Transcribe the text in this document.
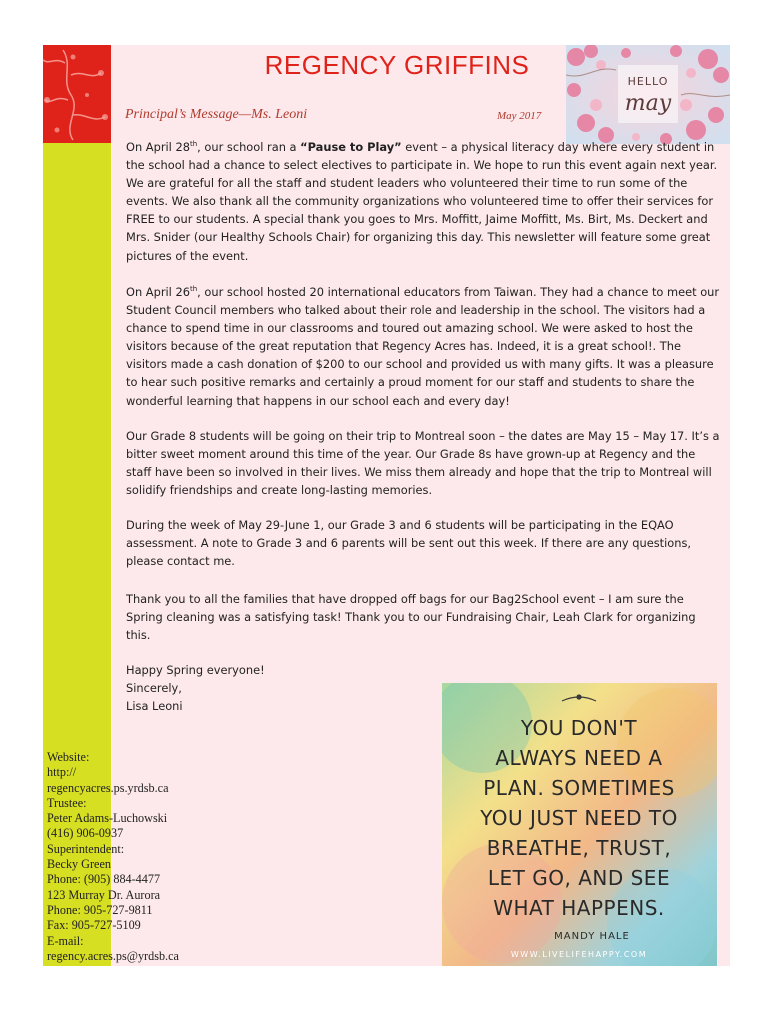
REGENCY GRIFFINS
HELLO
may
Principal’s Message—Ms. Leoni	May 2017

On April 28th, our school ran a “Pause to Play” event – a physical literacy day where every student in the school had a chance to select electives to participate in. We hope to run this event again next year. We are grateful for all the staff and student leaders who volunteered their time to run some of the events. We also thank all the community organizations who volunteered time to offer their services for FREE to our students. A special thank you goes to Mrs. Moffitt, Jaime Moffitt, Ms. Birt, Ms. Deckert and Mrs. Snider (our Healthy Schools Chair) for organizing this day. This newsletter will feature some great pictures of the event.

On April 26th, our school hosted 20 international educators from Taiwan. They had a chance to meet our Student Council members who talked about their role and leadership in the school. The visitors had a chance to spend time in our classrooms and toured out amazing school. We were asked to host the visitors because of the great reputation that Regency Acres has. Indeed, it is a great school!. The visitors made a cash donation of $200 to our school and provided us with many gifts. It was a pleasure to hear such positive remarks and certainly a proud moment for our staff and students to share the wonderful learning that happens in our school each and every day!

Our Grade 8 students will be going on their trip to Montreal soon – the dates are May 15 – May 17. It’s a bitter sweet moment around this time of the year. Our Grade 8s have grown-up at Regency and the staff have been so involved in their lives. We miss them already and hope that the trip to Montreal will solidify friendships and create long-lasting memories.

During the week of May 29-June 1, our Grade 3 and 6 students will be participating in the EQAO assessment. A note to Grade 3 and 6 parents will be sent out this week. If there are any questions, please contact me.

Thank you to all the families that have dropped off bags for our Bag2School event – I am sure the Spring cleaning was a satisfying task! Thank you to our Fundraising Chair, Leah Clark for organizing this.

Happy Spring everyone!

Sincerely,

Lisa Leoni

Website:
http://
regencyacres.ps.yrdsb.ca
Trustee:
Peter Adams-Luchowski
(416) 906-0937
Superintendent:
Becky Green
Phone: (905) 884-4477
123 Murray Dr. Aurora
Phone: 905-727-9811
Fax: 905-727-5109
E-mail:
regency.acres.ps@yrdsb.ca
YOU DON'T
ALWAYS NEED A
PLAN. SOMETIMES
YOU JUST NEED TO
BREATHE, TRUST,
LET GO, AND SEE
WHAT HAPPENS.
MANDY HALE
WWW.LIVELIFEHAPPY.COM
